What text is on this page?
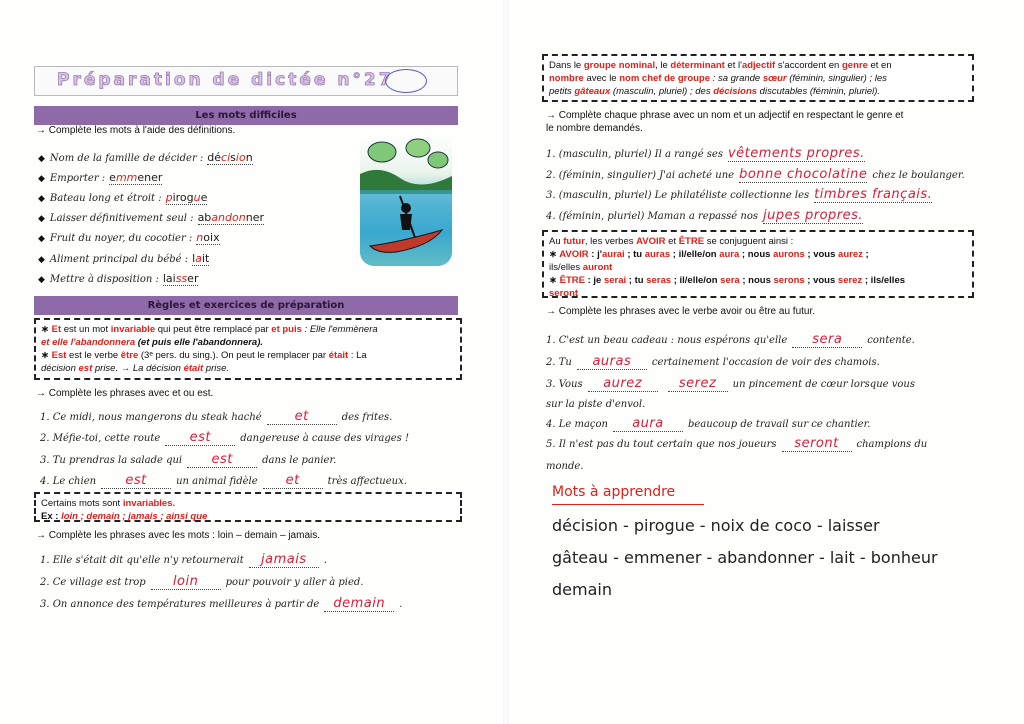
Préparation de dictée n°27
Les mots difficiles
→ Complète les mots à l'aide des définitions.
◆ Nom de la famille de décider : décision
◆ Emporter : emmener
◆ Bateau long et étroit : pirogue
◆ Laisser définitivement seul : abandonner
◆ Fruit du noyer, du cocotier : noix
◆ Aliment principal du bébé : lait
◆ Mettre à disposition : laisser
Règles et exercices de préparation
∗ Et est un mot invariable qui peut être remplacé par et puis : Elle l'emmènera
et elle l'abandonnera (et puis elle l'abandonnera).
∗ Est est le verbe être (3ᵉ pers. du sing.). On peut le remplacer par était : La
décision est prise. → La décision était prise.
→ Complète les phrases avec et ou est.
1. Ce midi, nous mangerons du steak haché	et	des frites.
2. Méfie-toi, cette route est	dangereuse à cause des virages !
3. Tu prendras la salade qui est	dans le panier.
4. Le chien est	un animal fidèle et	très affectueux.
Certains mots sont invariables.
Ex : loin ; demain ; jamais ; ainsi que
→ Complète les phrases avec les mots : loin – demain – jamais.
1. Elle s'était dit qu'elle n'y retournerait jamais .
2. Ce village est trop loin	pour pouvoir y aller à pied.
3. On annonce des températures meilleures à partir de demain .
Dans le groupe nominal, le déterminant et l'adjectif s'accordent en genre et en
nombre avec le nom chef de groupe : sa grande sœur (féminin, singulier) ; les
petits gâteaux (masculin, pluriel) ; des décisions discutables (féminin, pluriel).
→ Complète chaque phrase avec un nom et un adjectif en respectant le genre et
le nombre demandés.
1. (masculin, pluriel) Il a rangé ses vêtements propres.
2. (féminin, singulier) J'ai acheté une bonne chocolatine chez le boulanger.
3. (masculin, pluriel) Le philatéliste collectionne les timbres français.
4. (féminin, pluriel) Maman a repassé nos jupes propres.
Au futur, les verbes AVOIR et ÊTRE se conjuguent ainsi :
∗ AVOIR : j'aurai ; tu auras ; il/elle/on aura ; nous aurons ; vous aurez ;
ils/elles auront
∗ ÊTRE : je serai ; tu seras ; il/elle/on sera ; nous serons ; vous serez ; ils/elles
seront
→ Complète les phrases avec le verbe avoir ou être au futur.
1. C'est un beau cadeau : nous espérons qu'elle sera contente.
2. Tu auras certainement l'occasion de voir des chamois.
3. Vous aurez	serez un pincement de cœur lorsque vous
sur la piste d'envol.
4. Le maçon aura beaucoup de travail sur ce chantier.
5. Il n'est pas du tout certain que nos joueurs seront champions du
monde.
Mots à apprendre
décision - pirogue - noix de coco - laisser
gâteau - emmener - abandonner - lait - bonheur
demain
